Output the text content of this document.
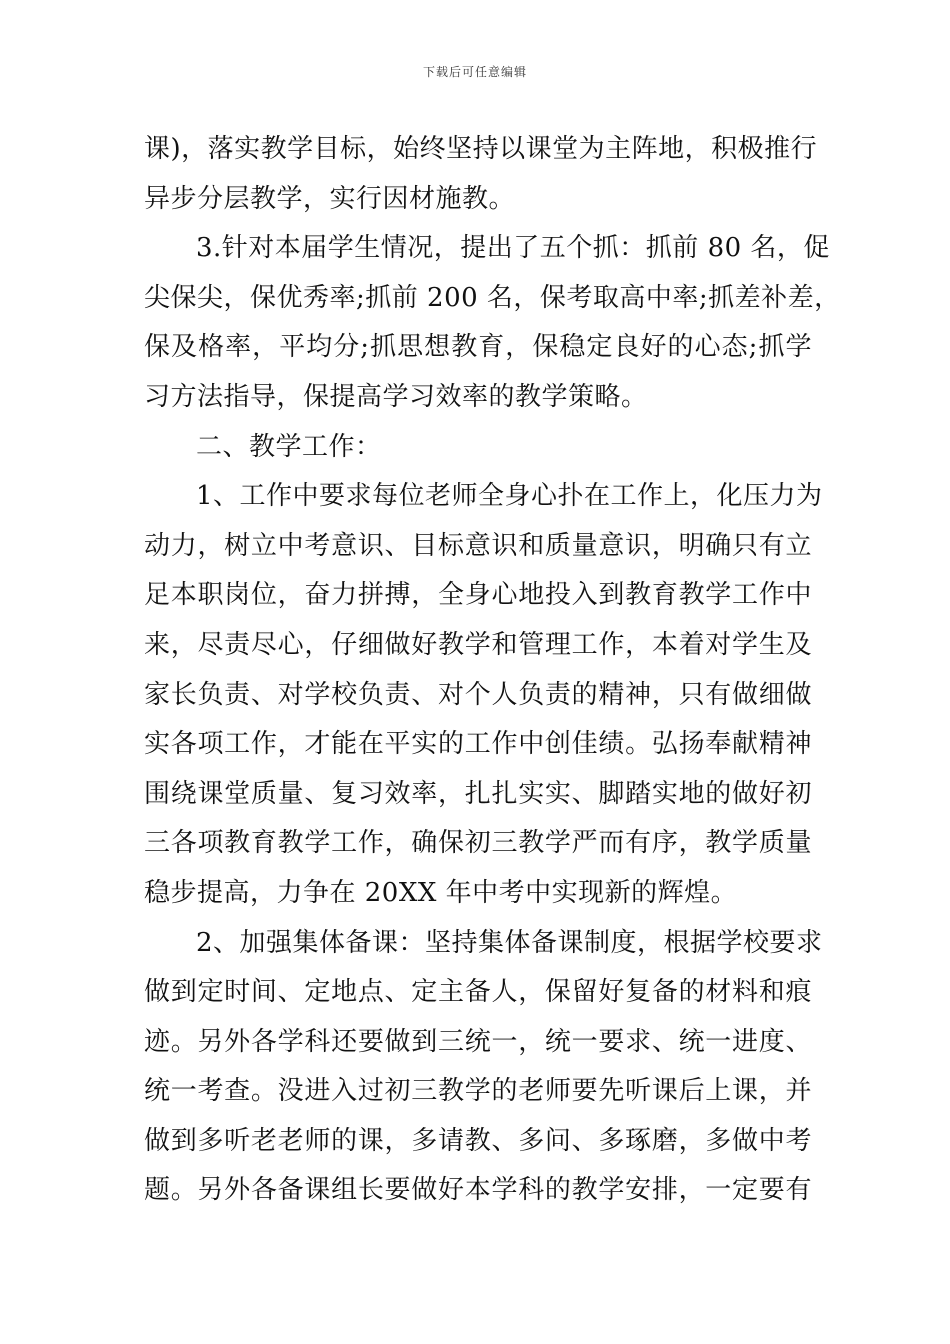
下载后可任意编辑
课)，落实教学目标，始终坚持以课堂为主阵地，积极推行
异步分层教学，实行因材施教。
3.针对本届学生情况，提出了五个抓：抓前 80 名，促
尖保尖，保优秀率;抓前 200 名，保考取高中率;抓差补差，
保及格率，平均分;抓思想教育，保稳定良好的心态;抓学
习方法指导，保提高学习效率的教学策略。
二、教学工作：
1、工作中要求每位老师全身心扑在工作上，化压力为
动力，树立中考意识、目标意识和质量意识，明确只有立
足本职岗位，奋力拼搏，全身心地投入到教育教学工作中
来，尽责尽心，仔细做好教学和管理工作，本着对学生及
家长负责、对学校负责、对个人负责的精神，只有做细做
实各项工作，才能在平实的工作中创佳绩。弘扬奉献精神
围绕课堂质量、复习效率，扎扎实实、脚踏实地的做好初
三各项教育教学工作，确保初三教学严而有序，教学质量
稳步提高，力争在 20XX 年中考中实现新的辉煌。
2、加强集体备课：坚持集体备课制度，根据学校要求
做到定时间、定地点、定主备人，保留好复备的材料和痕
迹。另外各学科还要做到三统一，统一要求、统一进度、
统一考查。没进入过初三教学的老师要先听课后上课，并
做到多听老老师的课，多请教、多问、多琢磨，多做中考
题。另外各备课组长要做好本学科的教学安排，一定要有
